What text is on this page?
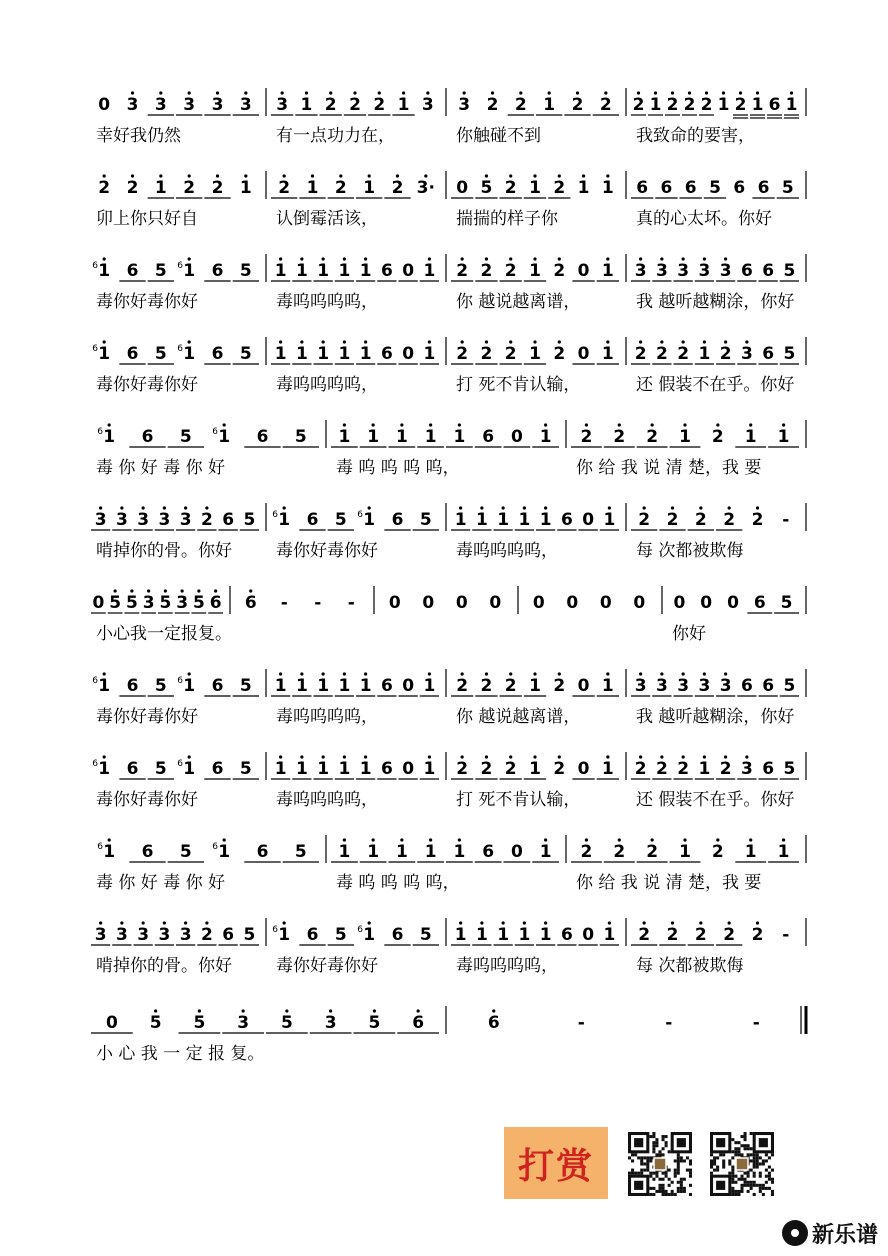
0 3 3 3 3 3
幸好我仍然
3 1 2 2 2 1 3
有一点功力在，
3 2 2 1 2 2
你触碰不到
2 1 2 2 2 1 2 1 6 1
我致命的要害，
2 2 1 2 2 1
卯上你只好自
2 1 2 1 2 3·
认倒霉活该，
0 5 2 1 2 1 1
揣揣的样子你
6 6 6 5 6 6 5
真的心太坏。你好
1
6 6 5 1
6 6 5
毒你好毒你好
1 1 1 1 1 6 0 1
毒呜呜呜呜，
2 2 2 1 2 0 1
你 越说越离谱，
3 3 3 3 3 6 6 5
我 越听越糊涂，你好
1
6 6 5 1
6 6 5
毒你好毒你好
1 1 1 1 1 6 0 1
毒呜呜呜呜，
2 2 2 1 2 0 1
打 死不肯认输，
2 2 2 1 2 3 6 5
还 假装不在乎。你好
1
6 6 5 1
6 6 5
毒 你 好 毒 你 好
1 1 1 1 1 6 0 1
毒 呜 呜 呜 呜，
2 2 2 1 2 1 1
你 给 我 说 清 楚，我 要
3 3 3 3 3 2 6 5
啃掉你的骨。你好
1
6 6 5 1
6 6 5
毒你好毒你好
1 1 1 1 1 6 0 1
毒呜呜呜呜，
2 2 2 2 2 -
每 次都被欺侮
0 5 5 3 5 3 5 6
小心我一定报复。
6 - - - 0 0 0 0 0 0 0 0 0 0 0 6 5
你好
1
6 6 5 1
6 6 5
毒你好毒你好
1 1 1 1 1 6 0 1
毒呜呜呜呜，
2 2 2 1 2 0 1
你 越说越离谱，
3 3 3 3 3 6 6 5
我 越听越糊涂，你好
1
6 6 5 1
6 6 5
毒你好毒你好
1 1 1 1 1 6 0 1
毒呜呜呜呜，
2 2 2 1 2 0 1
打 死不肯认输，
2 2 2 1 2 3 6 5
还 假装不在乎。你好
1
6 6 5 1
6 6 5
毒 你 好 毒 你 好
1 1 1 1 1 6 0 1
毒 呜 呜 呜 呜，
2 2 2 1 2 1 1
你 给 我 说 清 楚，我 要
3 3 3 3 3 2 6 5
啃掉你的骨。你好
1
6 6 5 1
6 6 5
毒你好毒你好
1 1 1 1 1 6 0 1
毒呜呜呜呜，
2 2 2 2 2 -
每 次都被欺侮
0 5 5 3 5 3 5 6
小 心 我 一 定 报 复。
6	-	-	-
打赏
新乐谱
